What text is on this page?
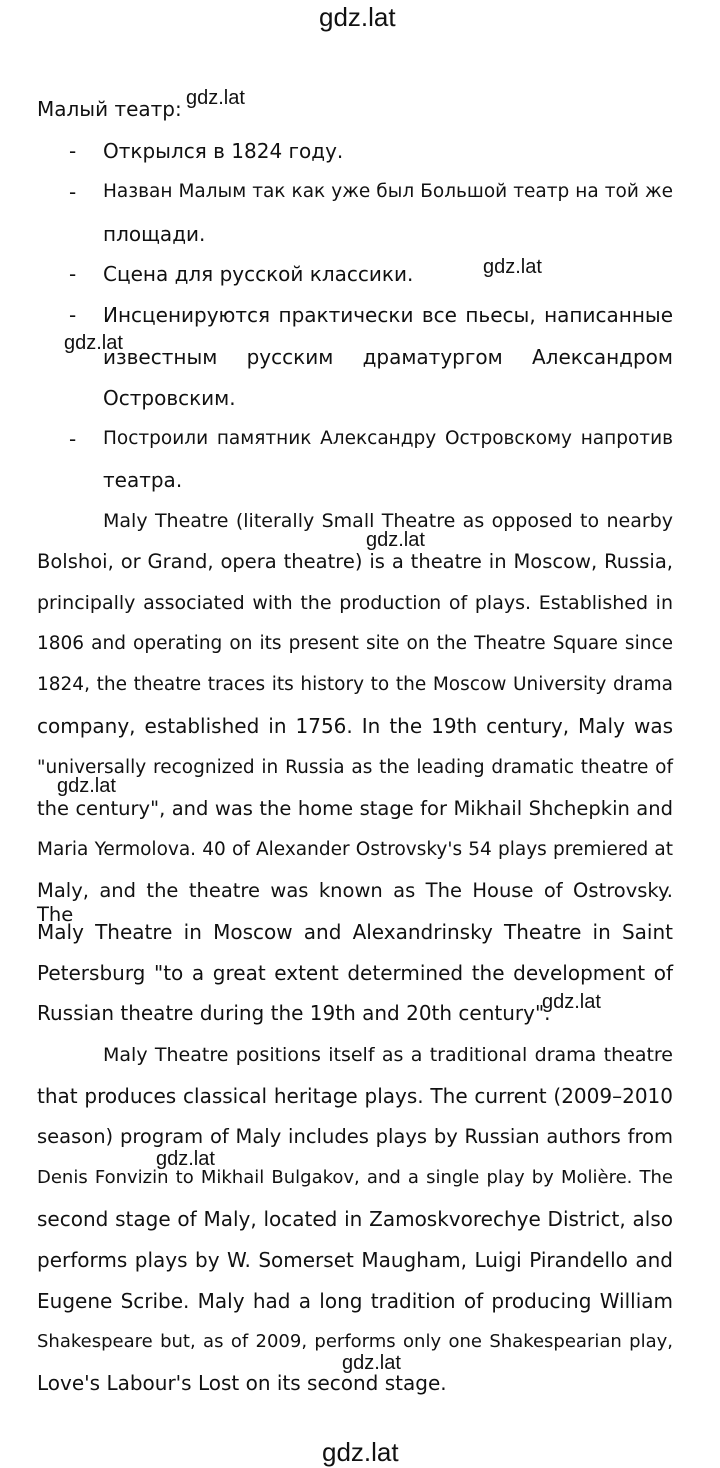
gdz.lat
gdz.lat
gdz.lat
gdz.lat
gdz.lat
gdz.lat
gdz.lat
gdz.lat
gdz.lat
gdz.lat
Малый театр:
- Открылся в 1824 году.
- Назван Малым так как уже был Большой театр на той же
площади.
- Сцена для русской классики.
- Инсценируются практически все пьесы, написанные
известным русским драматургом Александром
Островским.
- Построили памятник Александру Островскому напротив
театра.
Maly Theatre (literally Small Theatre as opposed to nearby
Bolshoi, or Grand, opera theatre) is a theatre in Moscow, Russia,
principally associated with the production of plays. Established in
1806 and operating on its present site on the Theatre Square since
1824, the theatre traces its history to the Moscow University drama
company, established in 1756. In the 19th century, Maly was
"universally recognized in Russia as the leading dramatic theatre of
the century", and was the home stage for Mikhail Shchepkin and
Maria Yermolova. 40 of Alexander Ostrovsky's 54 plays premiered at
Maly, and the theatre was known as The House of Ostrovsky. The
Maly Theatre in Moscow and Alexandrinsky Theatre in Saint
Petersburg "to a great extent determined the development of
Russian theatre during the 19th and 20th century".
Maly Theatre positions itself as a traditional drama theatre
that produces classical heritage plays. The current (2009–2010
season) program of Maly includes plays by Russian authors from
Denis Fonvizin to Mikhail Bulgakov, and a single play by Molière. The
second stage of Maly, located in Zamoskvorechye District, also
performs plays by W. Somerset Maugham, Luigi Pirandello and
Eugene Scribe. Maly had a long tradition of producing William
Shakespeare but, as of 2009, performs only one Shakespearian play,
Love's Labour's Lost on its second stage.
